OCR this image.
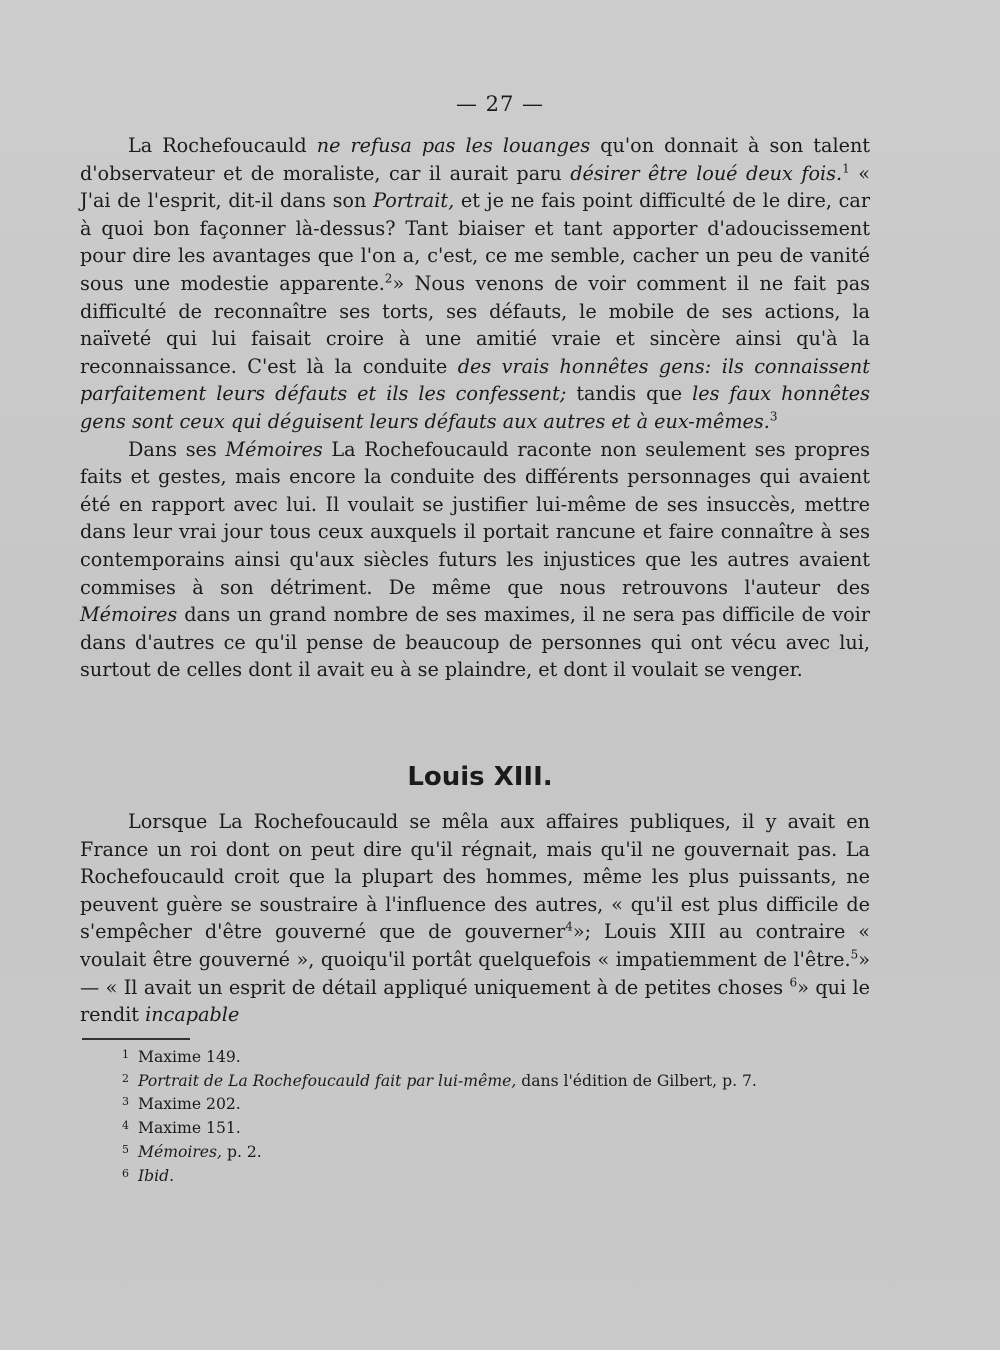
— 27 —

La Rochefoucauld ne refusa pas les louanges qu'on donnait à son talent d'observateur et de moraliste, car il aurait paru désirer être loué deux fois.$^1$ « J'ai de l'esprit, dit-il dans son Portrait, et je ne fais point difficulté de le dire, car à quoi bon façonner là-dessus? Tant biaiser et tant apporter d'adoucissement pour dire les avantages que l'on a, c'est, ce me semble, cacher un peu de vanité sous une modestie apparente.$^2$» Nous venons de voir comment il ne fait pas difficulté de reconnaître ses torts, ses défauts, le mobile de ses actions, la naïveté qui lui faisait croire à une amitié vraie et sincère ainsi qu'à la reconnaissance. C'est là la conduite des vrais honnêtes gens: ils connaissent parfaitement leurs défauts et ils les confessent; tandis que les faux honnêtes gens sont ceux qui déguisent leurs défauts aux autres et à eux-mêmes.$^3$

Dans ses Mémoires La Rochefoucauld raconte non seulement ses propres faits et gestes, mais encore la conduite des différents personnages qui avaient été en rapport avec lui. Il voulait se justifier lui-même de ses insuccès, mettre dans leur vrai jour tous ceux auxquels il portait rancune et faire connaître à ses contemporains ainsi qu'aux siècles futurs les injustices que les autres avaient commises à son détriment. De même que nous retrouvons l'auteur des Mémoires dans un grand nombre de ses maximes, il ne sera pas difficile de voir dans d'autres ce qu'il pense de beaucoup de personnes qui ont vécu avec lui, surtout de celles dont il avait eu à se plaindre, et dont il voulait se venger.

Louis XIII.

Lorsque La Rochefoucauld se mêla aux affaires publiques, il y avait en France un roi dont on peut dire qu'il régnait, mais qu'il ne gouvernait pas. La Rochefoucauld croit que la plupart des hommes, même les plus puissants, ne peuvent guère se soustraire à l'influence des autres, « qu'il est plus difficile de s'empêcher d'être gouverné que de gouverner$^4$»; Louis XIII au contraire « voulait être gouverné », quoiqu'il portât quelquefois « impatiemment de l'être.$^5$» — « Il avait un esprit de détail appliqué uniquement à de petites choses $^6$» qui le rendit incapable

1 Maxime 149.
2 Portrait de La Rochefoucauld fait par lui-même, dans l'édition de Gilbert, p. 7.
3 Maxime 202.
4 Maxime 151.
5 Mémoires, p. 2.
6 Ibid.
